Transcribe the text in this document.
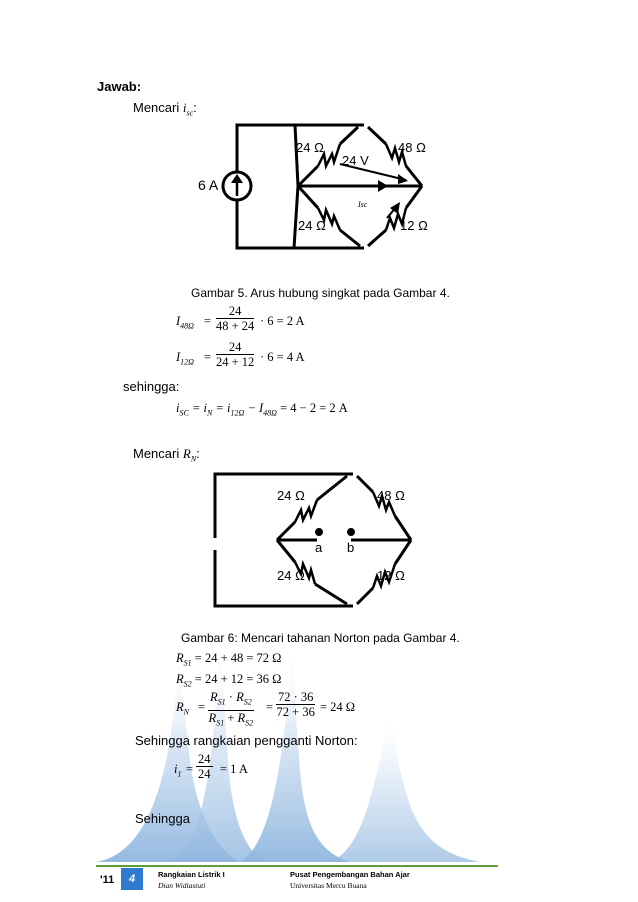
Jawab:
Mencari $i_{sc}$:
6 A
24 Ω	48 Ω
24 V
Isc
24 Ω	12 Ω
Gambar 5. Arus hubung singkat pada Gambar 4.
$I_{48\Omega} = \frac{24}{48 + 24} \cdot 6 = 2$ A
$I_{12\Omega} = \frac{24}{24 + 12} \cdot 6 = 4$ A
sehingga:
$i_{SC} = i_N = i_{12\Omega} - I_{48\Omega} = 4 - 2 = 2$ A
Mencari $R_N$:
24 Ω	48 Ω
a b
24 Ω	12 Ω
Gambar 6: Mencari tahanan Norton pada Gambar 4.
$R_{S1} = 24 + 48 = 72$ Ω
$R_{S2} = 24 + 12 = 36$ Ω
$R_N = \frac{R_{S1} \cdot R_{S2}}{R_{S1} + R_{S2}} = \frac{72 \cdot 36}{72 + 36} = 24$ Ω
Sehingga rangkaian pengganti Norton:
$i_1 = \frac{24}{24} = 1$ A
Sehingga
'11	4	Rangkaian Listrik I
Dian Widiastuti
Pusat Pengembangan Bahan Ajar
Universitas Mercu Buana
